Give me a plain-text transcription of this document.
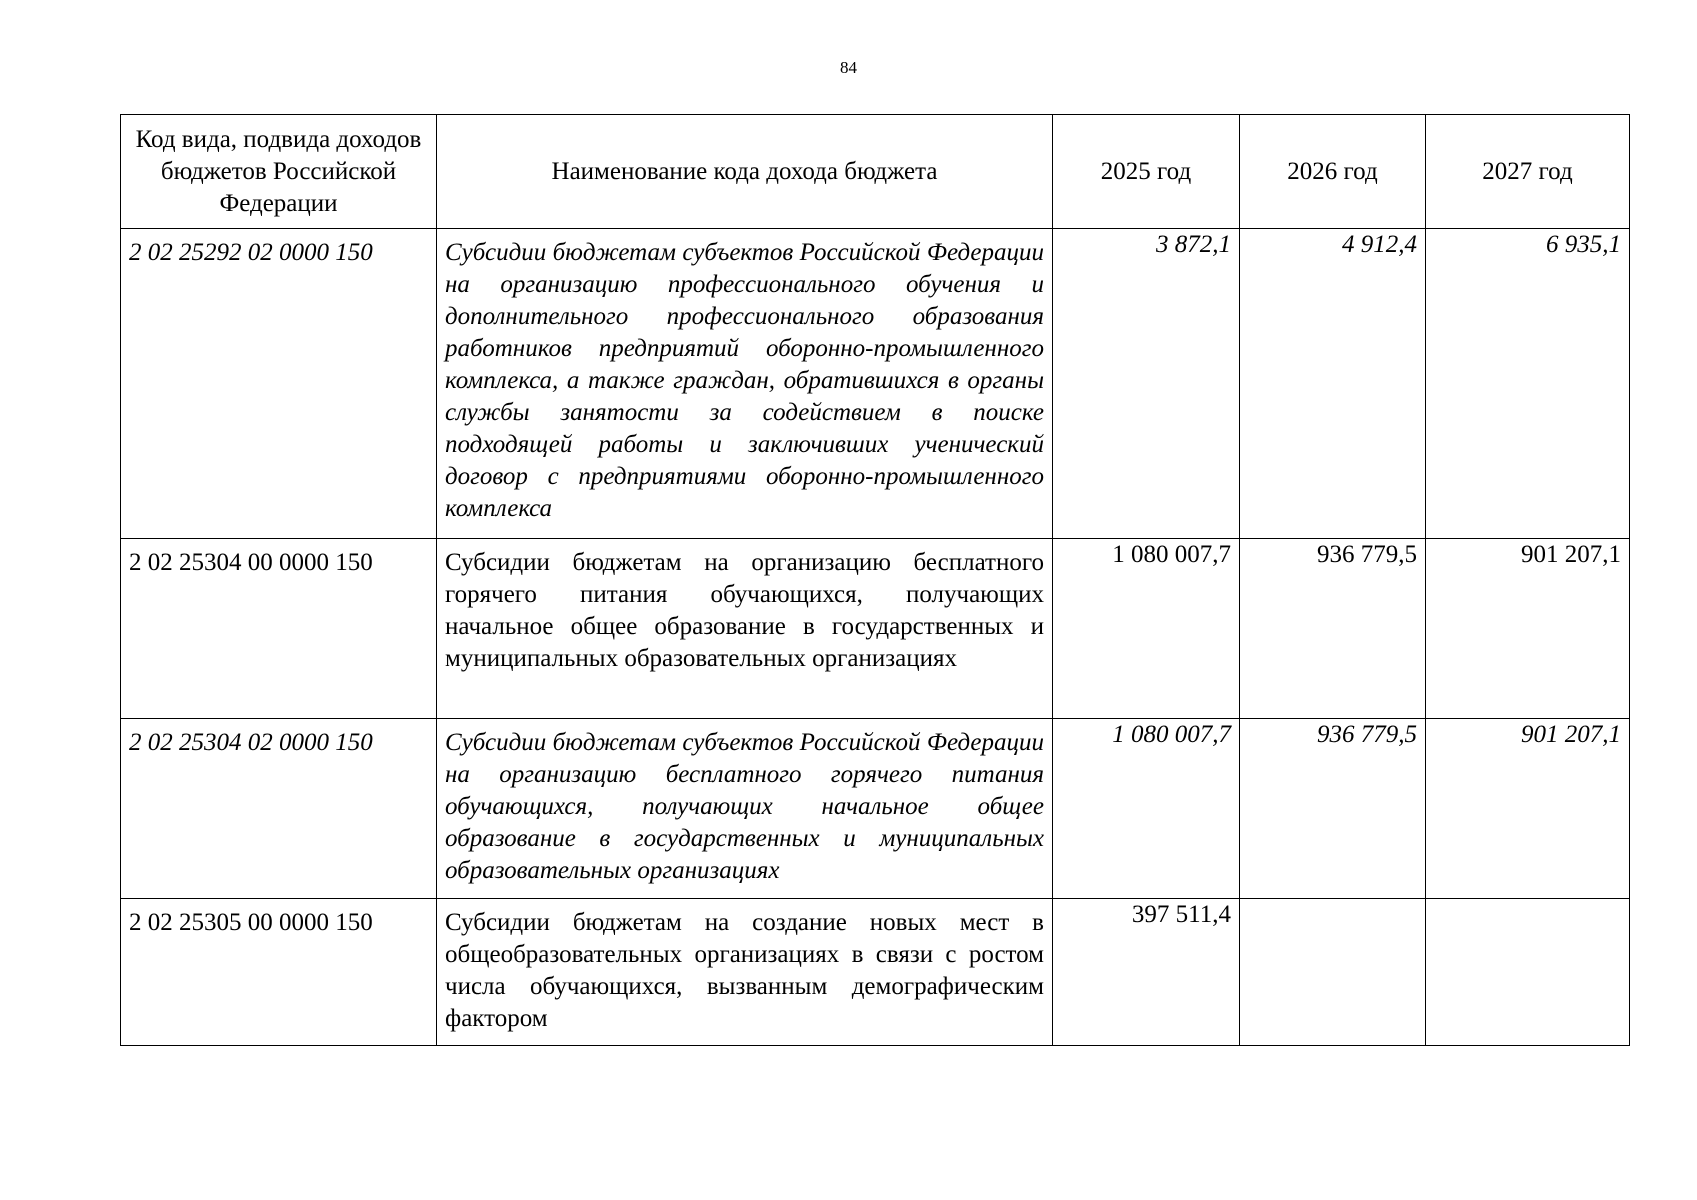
84
Код вида, подвида доходов бюджетов Российской Федерации	Наименование кода дохода бюджета	2025 год	2026 год	2027 год
2 02 25292 02 0000 150	Субсидии бюджетам субъектов Российской Федерации на организацию профессионального обучения и дополнительного профессионального образования работников предприятий оборонно-промышленного комплекса, а также граждан, обратившихся в органы службы занятости за содействием в поиске подходящей работы и заключивших ученический договор с предприятиями оборонно-промышленного комплекса	3 872,1	4 912,4	6 935,1
2 02 25304 00 0000 150	Субсидии бюджетам на организацию бесплатного горячего питания обучающихся, получающих начальное общее образование в государственных и муниципальных образовательных организациях	1 080 007,7	936 779,5	901 207,1
2 02 25304 02 0000 150	Субсидии бюджетам субъектов Российской Федерации на организацию бесплатного горячего питания обучающихся, получающих начальное общее образование в государственных и муниципальных образовательных организациях	1 080 007,7	936 779,5	901 207,1
2 02 25305 00 0000 150	Субсидии бюджетам на создание новых мест в общеобразовательных организациях в связи с ростом числа обучающихся, вызванным демографическим фактором	397 511,4		
